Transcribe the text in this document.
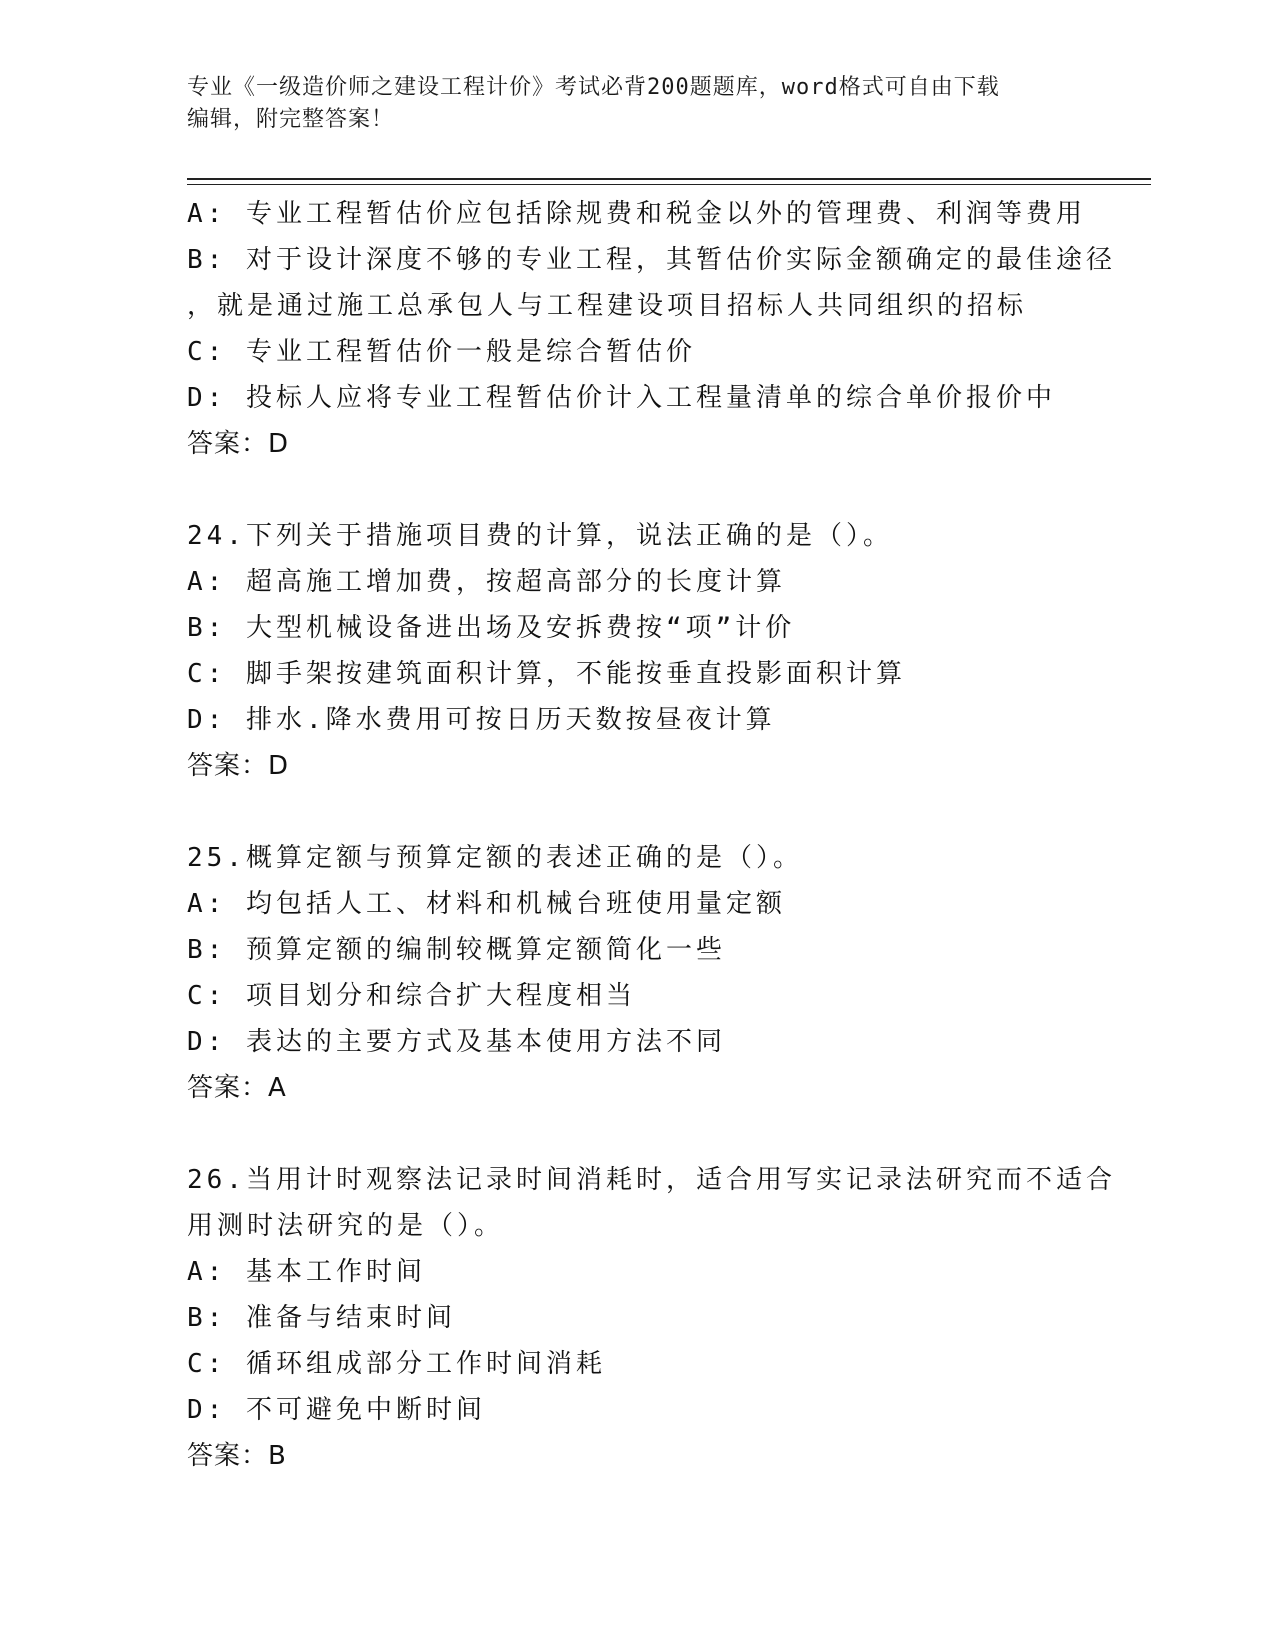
专业《一级造价师之建设工程计价》考试必背200题题库，word格式可自由下载
编辑，附完整答案！
A: 专业工程暂估价应包括除规费和税金以外的管理费、利润等费用
B: 对于设计深度不够的专业工程，其暂估价实际金额确定的最佳途径
，就是通过施工总承包人与工程建设项目招标人共同组织的招标
C: 专业工程暂估价一般是综合暂估价
D: 投标人应将专业工程暂估价计入工程量清单的综合单价报价中
答案：D
24.下列关于措施项目费的计算，说法正确的是（）。
A: 超高施工增加费，按超高部分的长度计算
B: 大型机械设备进出场及安拆费按“项”计价
C: 脚手架按建筑面积计算，不能按垂直投影面积计算
D: 排水.降水费用可按日历天数按昼夜计算
答案：D
25.概算定额与预算定额的表述正确的是（）。
A: 均包括人工、材料和机械台班使用量定额
B: 预算定额的编制较概算定额简化一些
C: 项目划分和综合扩大程度相当
D: 表达的主要方式及基本使用方法不同
答案：A
26.当用计时观察法记录时间消耗时，适合用写实记录法研究而不适合
用测时法研究的是（）。
A: 基本工作时间
B: 准备与结束时间
C: 循环组成部分工作时间消耗
D: 不可避免中断时间
答案：B
